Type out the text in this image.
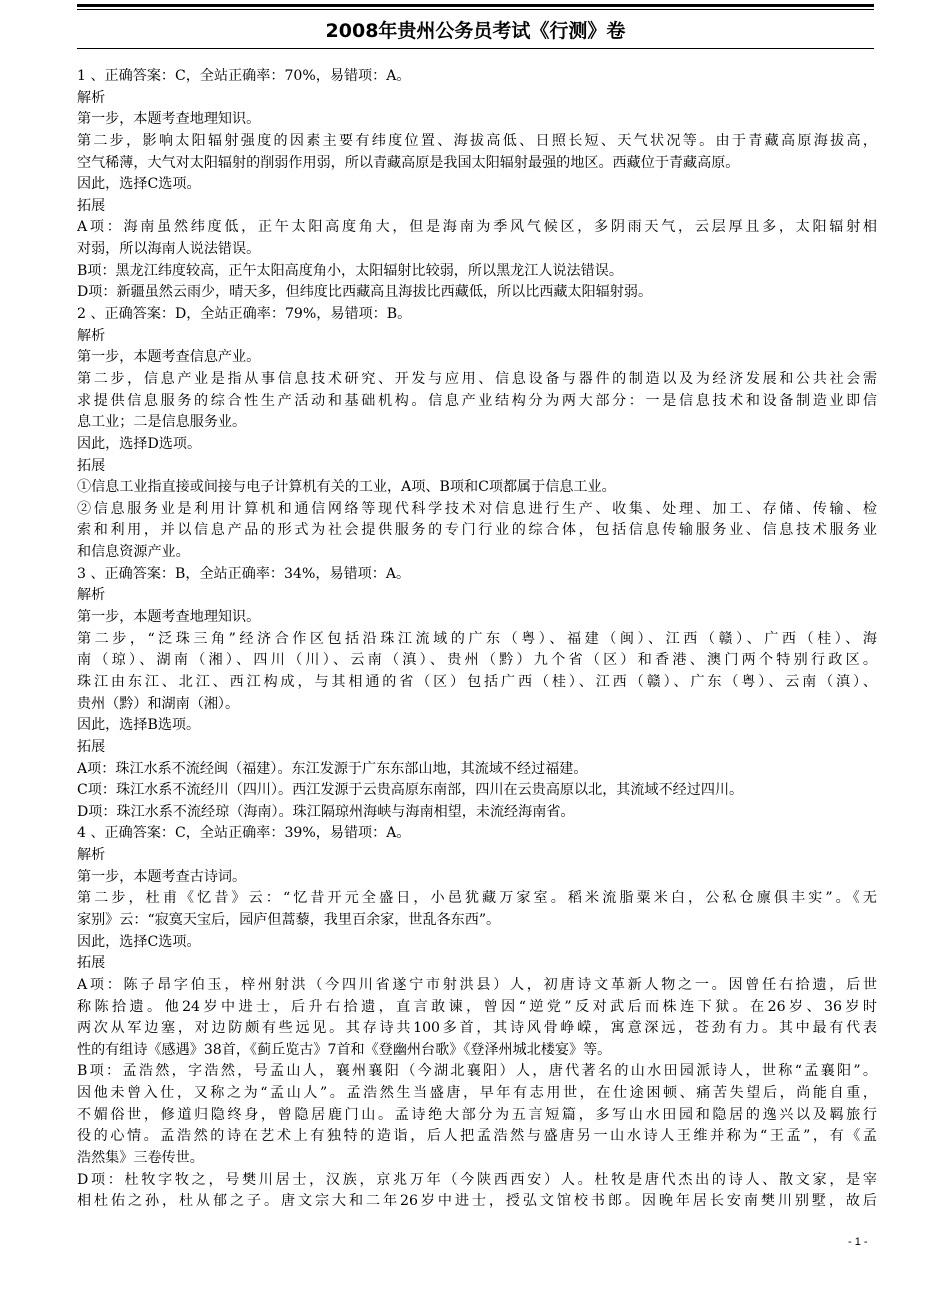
2008年贵州公务员考试《行测》卷
1 、正确答案：C，全站正确率：70%，易错项：A。
解析
第一步，本题考查地理知识。
第二步，影响太阳辐射强度的因素主要有纬度位置、海拔高低、日照长短、天气状况等。由于青藏高原海拔高，
空气稀薄，大气对太阳辐射的削弱作用弱，所以青藏高原是我国太阳辐射最强的地区。西藏位于青藏高原。
因此，选择C选项。
拓展
A项：海南虽然纬度低，正午太阳高度角大，但是海南为季风气候区，多阴雨天气，云层厚且多，太阳辐射相
对弱，所以海南人说法错误。
B项：黑龙江纬度较高，正午太阳高度角小，太阳辐射比较弱，所以黑龙江人说法错误。
D项：新疆虽然云雨少，晴天多，但纬度比西藏高且海拔比西藏低，所以比西藏太阳辐射弱。
2 、正确答案：D，全站正确率：79%，易错项：B。
解析
第一步，本题考查信息产业。
第二步，信息产业是指从事信息技术研究、开发与应用、信息设备与器件的制造以及为经济发展和公共社会需
求提供信息服务的综合性生产活动和基础机构。信息产业结构分为两大部分：一是信息技术和设备制造业即信
息工业；二是信息服务业。
因此，选择D选项。
拓展
①信息工业指直接或间接与电子计算机有关的工业，A项、B项和C项都属于信息工业。
②信息服务业是利用计算机和通信网络等现代科学技术对信息进行生产、收集、处理、加工、存储、传输、检
索和利用，并以信息产品的形式为社会提供服务的专门行业的综合体，包括信息传输服务业、信息技术服务业
和信息资源产业。
3 、正确答案：B，全站正确率：34%，易错项：A。
解析
第一步，本题考查地理知识。
第二步，“泛珠三角”经济合作区包括沿珠江流域的广东（粤）、福建（闽）、江西（赣）、广西（桂）、海
南（琼）、湖南（湘）、四川（川）、云南（滇）、贵州（黔）九个省（区）和香港、澳门两个特别行政区。
珠江由东江、北江、西江构成，与其相通的省（区）包括广西（桂）、江西（赣）、广东（粤）、云南（滇）、
贵州（黔）和湖南（湘）。
因此，选择B选项。
拓展
A项：珠江水系不流经闽（福建）。东江发源于广东东部山地，其流域不经过福建。
C项：珠江水系不流经川（四川）。西江发源于云贵高原东南部，四川在云贵高原以北，其流域不经过四川。
D项：珠江水系不流经琼（海南）。珠江隔琼州海峡与海南相望，未流经海南省。
4 、正确答案：C，全站正确率：39%，易错项：A。
解析
第一步，本题考查古诗词。
第二步，杜甫《忆昔》云：“忆昔开元全盛日，小邑犹藏万家室。稻米流脂粟米白，公私仓廪俱丰实”。《无
家别》云：“寂寞天宝后，园庐但蒿藜，我里百余家，世乱各东西”。
因此，选择C选项。
拓展
A项：陈子昂字伯玉，梓州射洪（今四川省遂宁市射洪县）人，初唐诗文革新人物之一。因曾任右拾遗，后世
称陈拾遗。他24岁中进士，后升右拾遗，直言敢谏，曾因“逆党”反对武后而株连下狱。在26岁、36岁时
两次从军边塞，对边防颇有些远见。其存诗共100多首，其诗风骨峥嵘，寓意深远，苍劲有力。其中最有代表
性的有组诗《感遇》38首，《蓟丘览古》7首和《登幽州台歌》《登泽州城北楼宴》等。
B项：孟浩然，字浩然，号孟山人，襄州襄阳（今湖北襄阳）人，唐代著名的山水田园派诗人，世称“孟襄阳”。
因他未曾入仕，又称之为“孟山人”。孟浩然生当盛唐，早年有志用世，在仕途困顿、痛苦失望后，尚能自重，
不媚俗世，修道归隐终身，曾隐居鹿门山。孟诗绝大部分为五言短篇，多写山水田园和隐居的逸兴以及羁旅行
役的心情。孟浩然的诗在艺术上有独特的造诣，后人把孟浩然与盛唐另一山水诗人王维并称为“王孟”，有《孟
浩然集》三卷传世。
D项：杜牧字牧之，号樊川居士，汉族，京兆万年（今陕西西安）人。杜牧是唐代杰出的诗人、散文家，是宰
相杜佑之孙，杜从郁之子。唐文宗大和二年26岁中进士，授弘文馆校书郎。因晚年居长安南樊川别墅，故后
- 1 -
